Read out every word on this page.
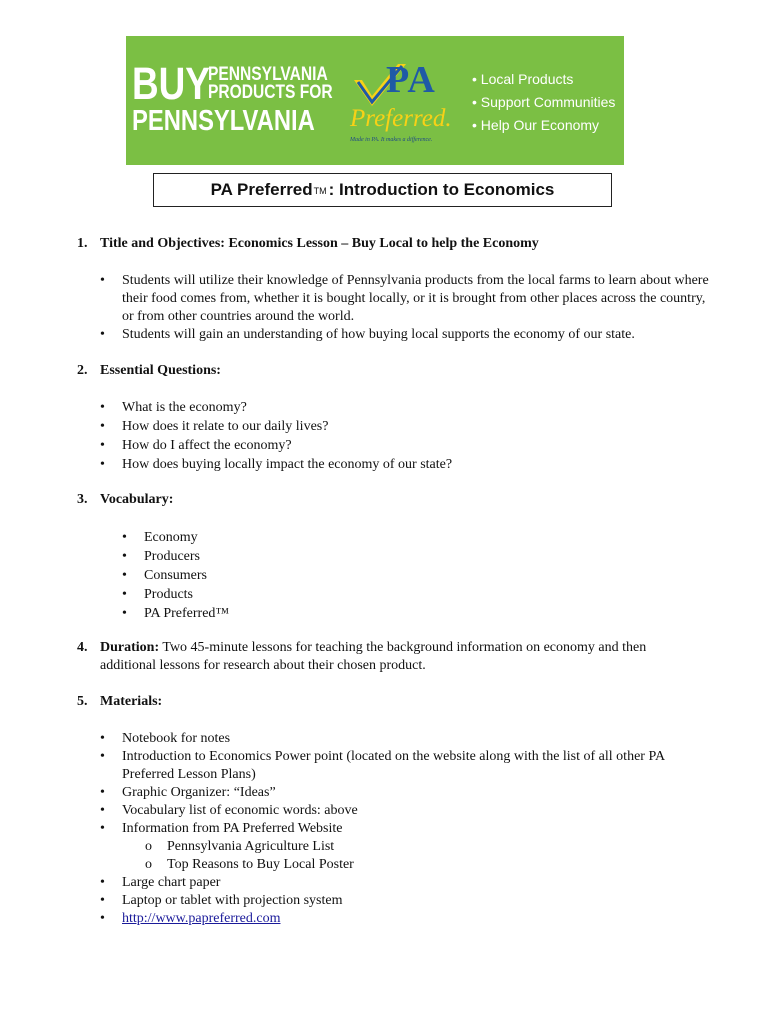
BUY
PENNSYLVANIA
PRODUCTS FOR
PENNSYLVANIA
PA
Preferred.
Made in PA. It makes a difference.
• Local Products
• Support Communities
• Help Our Economy
PA PreferredTM : Introduction to Economics
1. Title and Objectives: Economics Lesson – Buy Local to help the Economy
• Students will utilize their knowledge of Pennsylvania products from the local farms to learn about where their food comes from, whether it is bought locally, or it is brought from other places across the country, or from other countries around the world.
• Students will gain an understanding of how buying local supports the economy of our state.
2. Essential Questions:
• What is the economy?
• How does it relate to our daily lives?
• How do I affect the economy?
• How does buying locally impact the economy of our state?
3. Vocabulary:
• Economy
• Producers
• Consumers
• Products
• PA Preferred™
4. Duration: Two 45-minute lessons for teaching the background information on economy and then
additional lessons for research about their chosen product.
5. Materials:
• Notebook for notes
• Introduction to Economics Power point (located on the website along with the list of all other PA Preferred Lesson Plans)
• Graphic Organizer: “Ideas”
• Vocabulary list of economic words: above
• Information from PA Preferred Website
o Pennsylvania Agriculture List
o Top Reasons to Buy Local Poster
• Large chart paper
• Laptop or tablet with projection system
• http://www.papreferred.com
